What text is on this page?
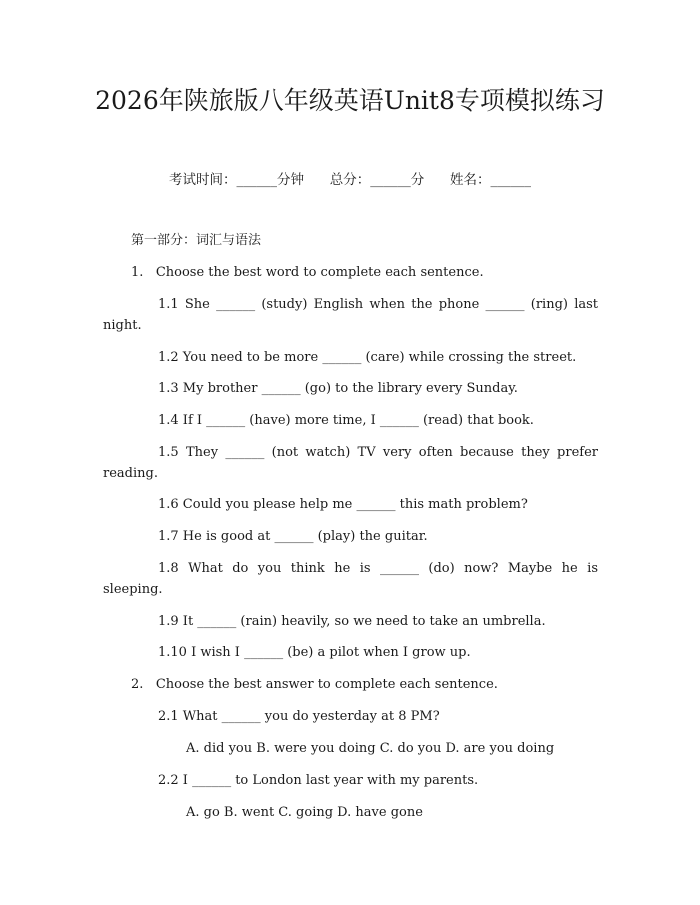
2026年陕旅版八年级英语Unit8专项模拟练习
考试时间：______分钟 总分：______分 姓名：______
第一部分：词汇与语法
1. Choose the best word to complete each sentence.
1.1 She ______ (study) English when the phone ______ (ring) last night.
1.2 You need to be more ______ (care) while crossing the street.
1.3 My brother ______ (go) to the library every Sunday.
1.4 If I ______ (have) more time, I ______ (read) that book.
1.5 They ______ (not watch) TV very often because they prefer reading.
1.6 Could you please help me ______ this math problem?
1.7 He is good at ______ (play) the guitar.
1.8 What do you think he is ______ (do) now? Maybe he is sleeping.
1.9 It ______ (rain) heavily, so we need to take an umbrella.
1.10 I wish I ______ (be) a pilot when I grow up.
2. Choose the best answer to complete each sentence.
2.1 What ______ you do yesterday at 8 PM?
A. did you B. were you doing C. do you D. are you doing
2.2 I ______ to London last year with my parents.
A. go B. went C. going D. have gone
